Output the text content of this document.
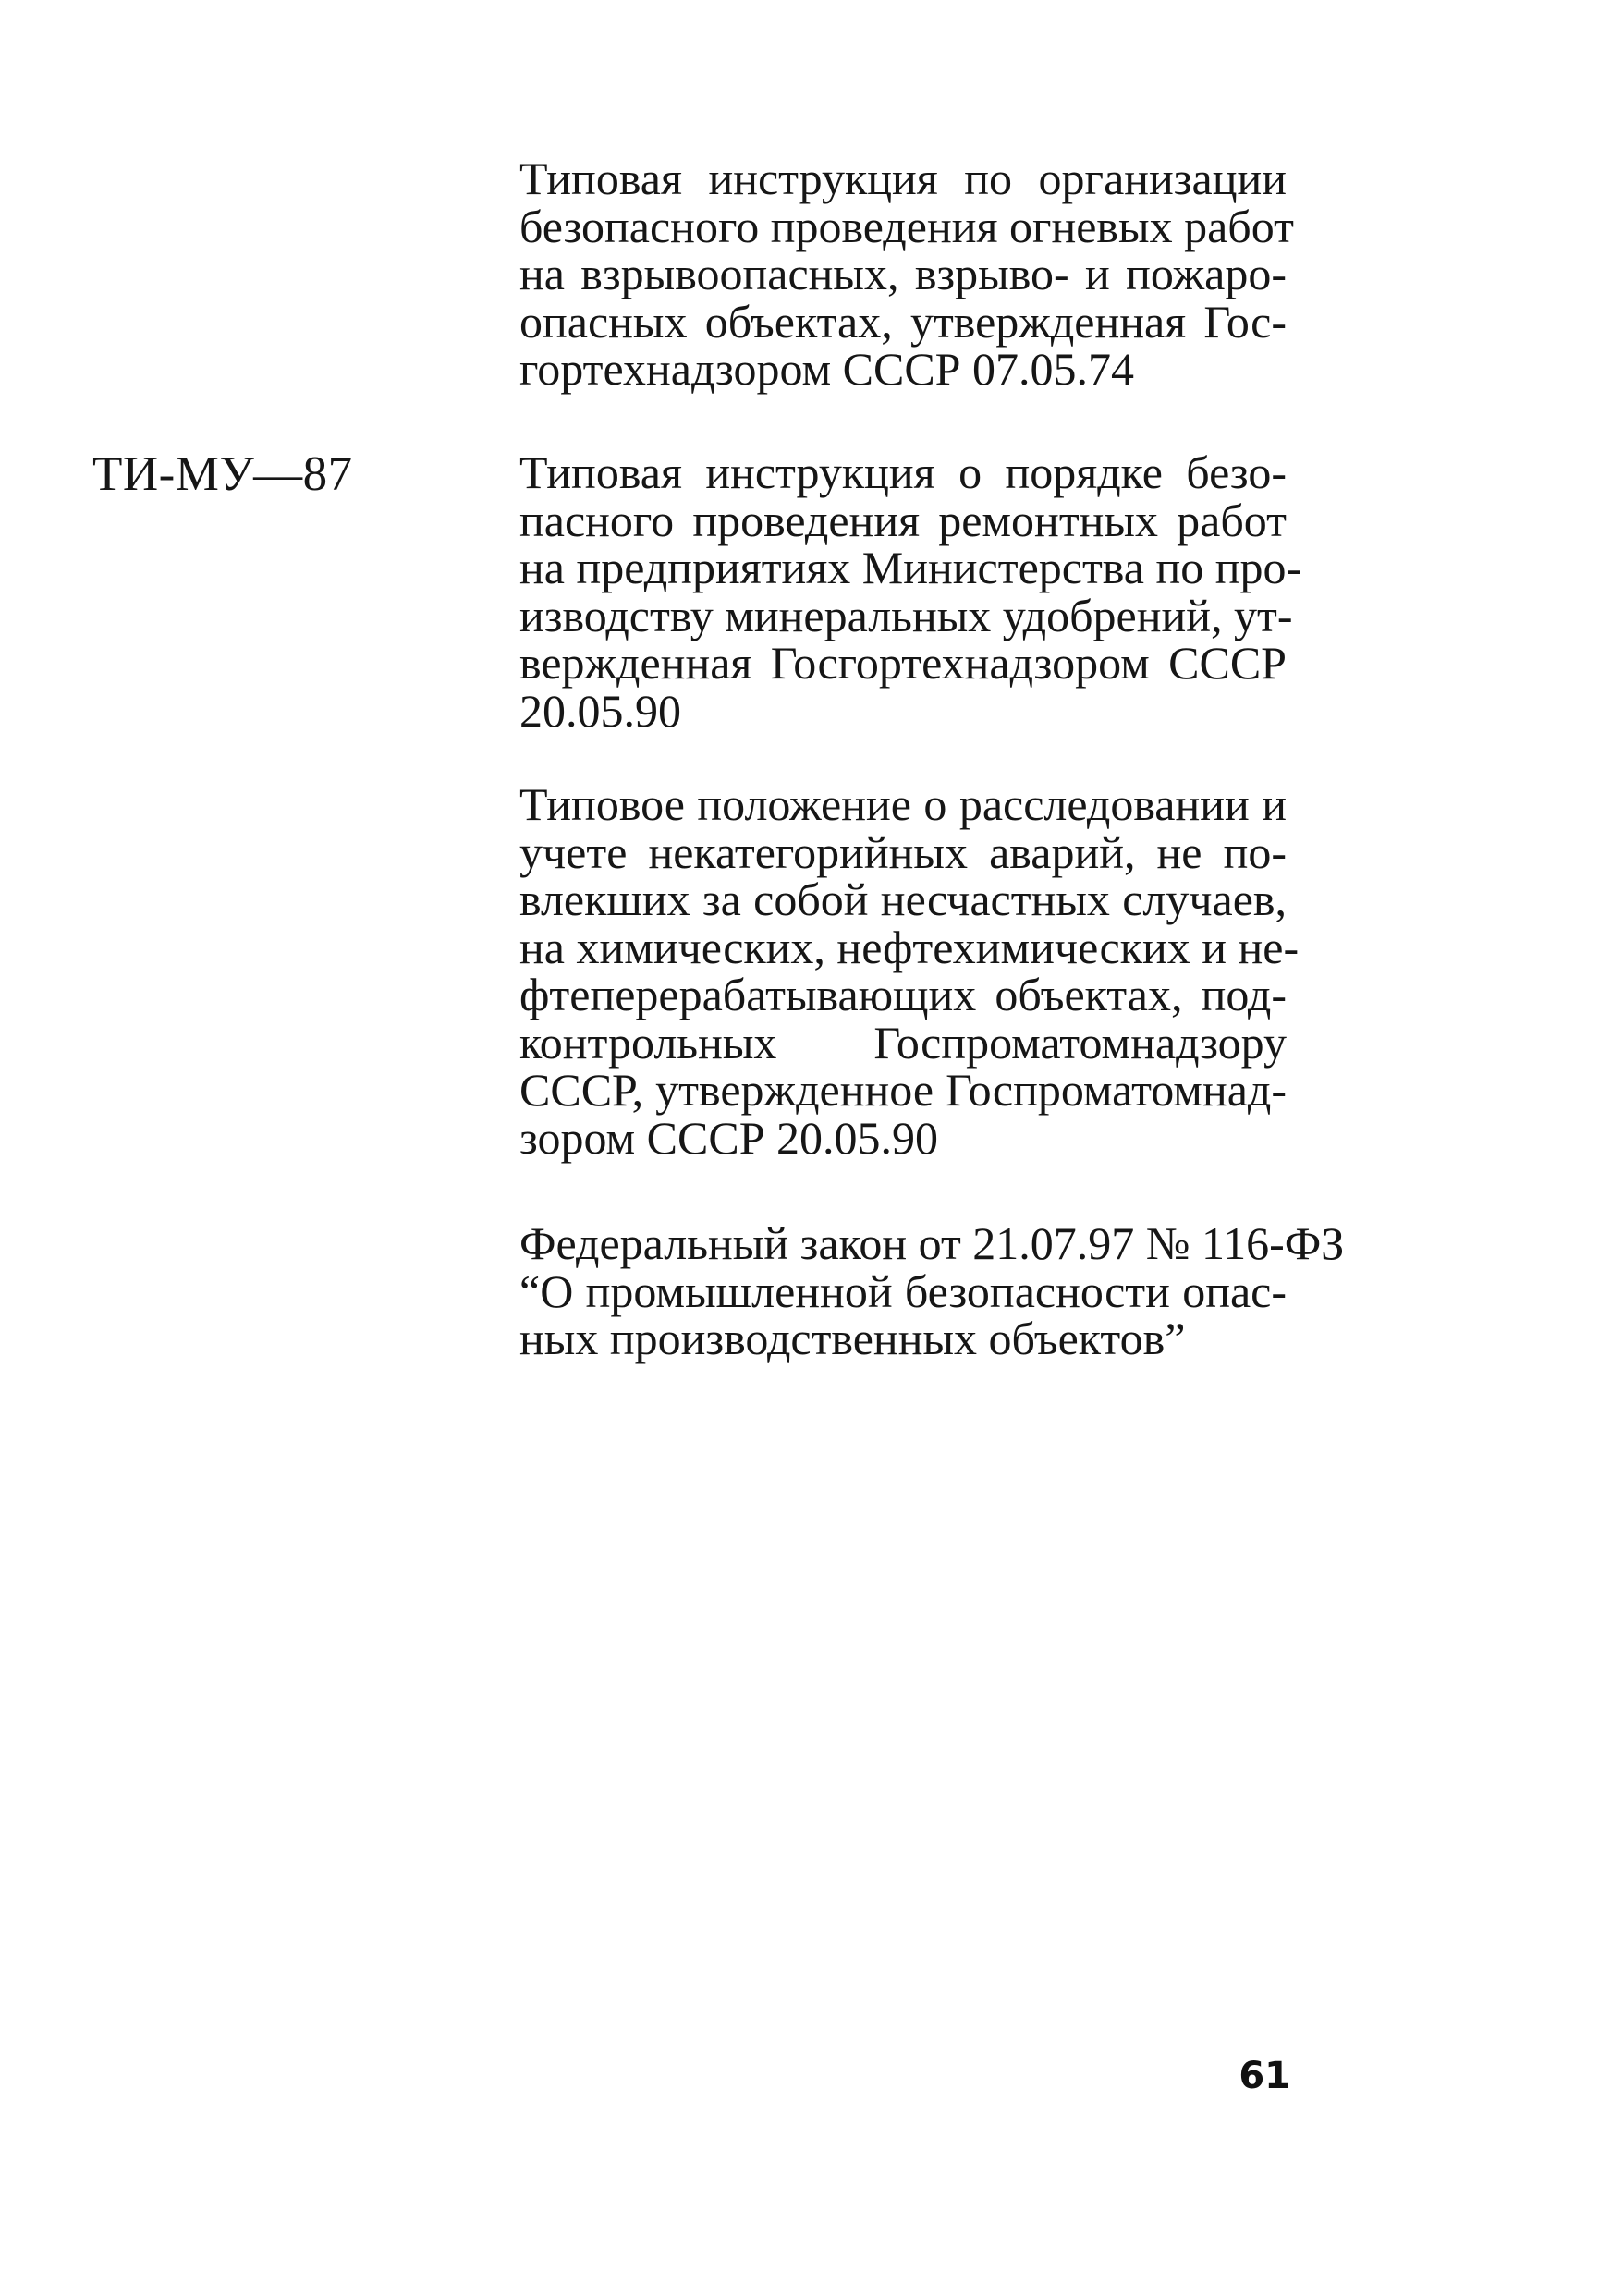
Типовая инструкция по организации
безопасного проведения огневых работ
на взрывоопасных, взрыво- и пожаро-
опасных объектах, утвержденная Гос-
гортехнадзором СССР 07.05.74
ТИ-МУ—87	Типовая инструкция о порядке безо-
пасного проведения ремонтных работ
на предприятиях Министерства по про-
изводству минеральных удобрений, ут-
вержденная Госгортехнадзором СССР
20.05.90
Типовое положение о расследовании и
учете некатегорийных аварий, не по-
влекших за собой несчастных случаев,
на химических, нефтехимических и не-
фтеперерабатывающих объектах, под-
контрольных Госпроматомнадзору
СССР, утвержденное Госпроматомнад-
зором СССР 20.05.90
Федеральный закон от 21.07.97 № 116-ФЗ
“О промышленной безопасности опас-
ных производственных объектов”
61
